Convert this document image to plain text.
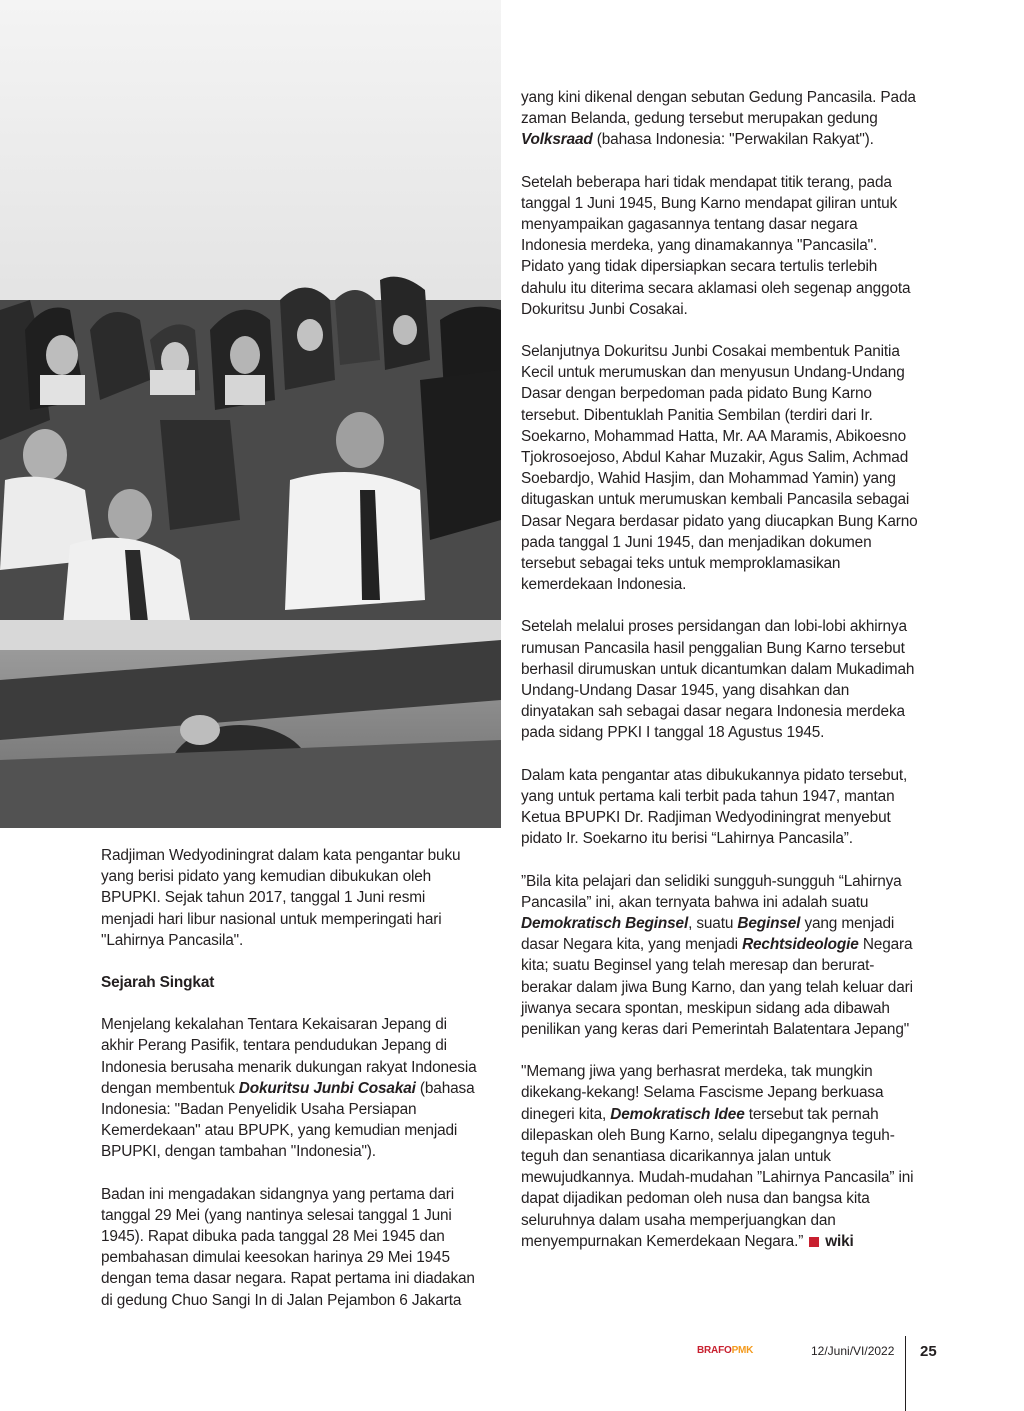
Radjiman Wedyodiningrat dalam kata pengantar buku yang berisi pidato yang kemudian dibukukan oleh BPUPKI. Sejak tahun 2017, tanggal 1 Juni resmi menjadi hari libur nasional untuk memperingati hari "Lahirnya Pancasila".

Sejarah Singkat

Menjelang kekalahan Tentara Kekaisaran Jepang di akhir Perang Pasifik, tentara pendudukan Jepang di Indonesia berusaha menarik dukungan rakyat Indonesia dengan membentuk Dokuritsu Junbi Cosakai (bahasa Indonesia: "Badan Penyelidik Usaha Persiapan Kemerdekaan" atau BPUPK, yang kemudian menjadi BPUPKI, dengan tambahan "Indonesia").

Badan ini mengadakan sidangnya yang pertama dari tanggal 29 Mei (yang nantinya selesai tanggal 1 Juni 1945). Rapat dibuka pada tanggal 28 Mei 1945 dan pembahasan dimulai keesokan harinya 29 Mei 1945 dengan tema dasar negara. Rapat pertama ini diadakan di gedung Chuo Sangi In di Jalan Pejambon 6 Jakarta

yang kini dikenal dengan sebutan Gedung Pancasila. Pada zaman Belanda, gedung tersebut merupakan gedung Volksraad (bahasa Indonesia: "Perwakilan Rakyat").

Setelah beberapa hari tidak mendapat titik terang, pada tanggal 1 Juni 1945, Bung Karno mendapat giliran untuk menyampaikan gagasannya tentang dasar negara Indonesia merdeka, yang dinamakannya "Pancasila". Pidato yang tidak dipersiapkan secara tertulis terlebih dahulu itu diterima secara aklamasi oleh segenap anggota Dokuritsu Junbi Cosakai.

Selanjutnya Dokuritsu Junbi Cosakai membentuk Panitia Kecil untuk merumuskan dan menyusun Undang-Undang Dasar dengan berpedoman pada pidato Bung Karno tersebut. Dibentuklah Panitia Sembilan (terdiri dari Ir. Soekarno, Mohammad Hatta, Mr. AA Maramis, Abikoesno Tjokrosoejoso, Abdul Kahar Muzakir, Agus Salim, Achmad Soebardjo, Wahid Hasjim, dan Mohammad Yamin) yang ditugaskan untuk merumuskan kembali Pancasila sebagai Dasar Negara berdasar pidato yang diucapkan Bung Karno pada tanggal 1 Juni 1945, dan menjadikan dokumen tersebut sebagai teks untuk memproklamasikan kemerdekaan Indonesia.

Setelah melalui proses persidangan dan lobi-lobi akhirnya rumusan Pancasila hasil penggalian Bung Karno tersebut berhasil dirumuskan untuk dicantumkan dalam Mukadimah Undang-Undang Dasar 1945, yang disahkan dan dinyatakan sah sebagai dasar negara Indonesia merdeka pada sidang PPKI I tanggal 18 Agustus 1945.

Dalam kata pengantar atas dibukukannya pidato tersebut, yang untuk pertama kali terbit pada tahun 1947, mantan Ketua BPUPKI Dr. Radjiman Wedyodiningrat menyebut pidato Ir. Soekarno itu berisi “Lahirnya Pancasila”.

”Bila kita pelajari dan selidiki sungguh-sungguh “Lahirnya Pancasila” ini, akan ternyata bahwa ini adalah suatu Demokratisch Beginsel, suatu Beginsel yang menjadi dasar Negara kita, yang menjadi Rechtsideologie Negara kita; suatu Beginsel yang telah meresap dan berurat-berakar dalam jiwa Bung Karno, dan yang telah keluar dari jiwanya secara spontan, meskipun sidang ada dibawah penilikan yang keras dari Pemerintah Balatentara Jepang"

"Memang jiwa yang berhasrat merdeka, tak mungkin dikekang-kekang! Selama Fascisme Jepang berkuasa dinegeri kita, Demokratisch Idee tersebut tak pernah dilepaskan oleh Bung Karno, selalu dipegangnya teguh-teguh dan senantiasa dicarikannya jalan untuk mewujudkannya. Mudah-mudahan ”Lahirnya Pancasila” ini dapat dijadikan pedoman oleh nusa dan bangsa kita seluruhnya dalam usaha memperjuangkan dan menyempurnakan Kemerdekaan Negara.” wiki

BRAFOPMK	12/Juni/VI/2022 25
